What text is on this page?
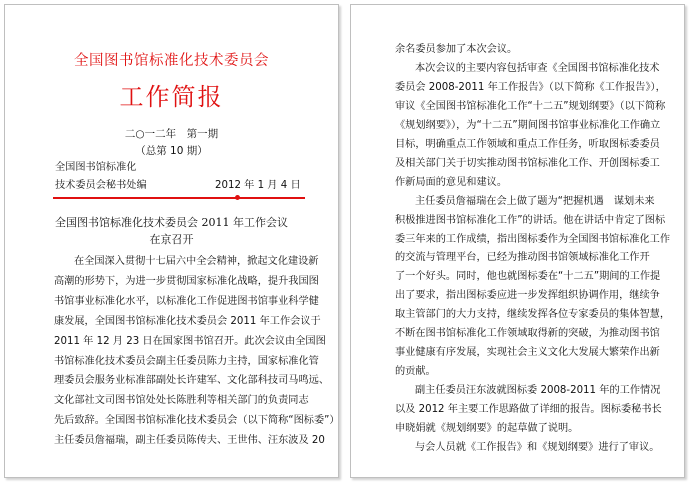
全国图书馆标准化技术委员会
工作简报
二○一二年　第一期
（总第 10 期）
全国图书馆标准化
技术委员会秘书处编	2012 年 1 月 4 日
全国图书馆标准化技术委员会 2011 年工作会议
在京召开
在全国深入贯彻十七届六中全会精神，掀起文化建设新
高潮的形势下，为进一步贯彻国家标准化战略，提升我国图
书馆事业标准化水平，以标准化工作促进图书馆事业科学健
康发展，全国图书馆标准化技术委员会 2011 年工作会议于
2011 年 12 月 23 日在国家图书馆召开。此次会议由全国图
书馆标准化技术委员会副主任委员陈力主持，国家标准化管
理委员会服务业标准部副处长许建军、文化部科技司马鸣远、
文化部社文司图书馆处处长陈胜利等相关部门的负责同志
先后致辞。全国图书馆标准化技术委员会（以下简称“图标委”）
主任委员詹福瑞，副主任委员陈传夫、王世伟、汪东波及 20
余名委员参加了本次会议。
本次会议的主要内容包括审查《全国图书馆标准化技术
委员会 2008-2011 年工作报告》（以下简称《工作报告》），
审议《全国图书馆标准化工作“十二五”规划纲要》（以下简称
《规划纲要》），为“十二五”期间图书馆事业标准化工作确立
目标，明确重点工作领域和重点工作任务，听取图标委委员
及相关部门关于切实推动图书馆标准化工作、开创图标委工
作新局面的意见和建议。
主任委员詹福瑞在会上做了题为“把握机遇　谋划未来
积极推进图书馆标准化工作”的讲话。他在讲话中肯定了图标
委三年来的工作成绩，指出图标委作为全国图书馆标准化工作
的交流与管理平台，已经为推动图书馆领域标准化工作开
了一个好头。同时，他也就图标委在“十二五”期间的工作提
出了要求，指出图标委应进一步发挥组织协调作用，继续争
取主管部门的大力支持，继续发挥各位专家委员的集体智慧，
不断在图书馆标准化工作领域取得新的突破，为推动图书馆
事业健康有序发展，实现社会主义文化大发展大繁荣作出新
的贡献。
副主任委员汪东波就图标委 2008-2011 年的工作情况
以及 2012 年主要工作思路做了详细的报告。图标委秘书长
申晓娟就《规划纲要》的起草做了说明。
与会人员就《工作报告》和《规划纲要》进行了审议。
